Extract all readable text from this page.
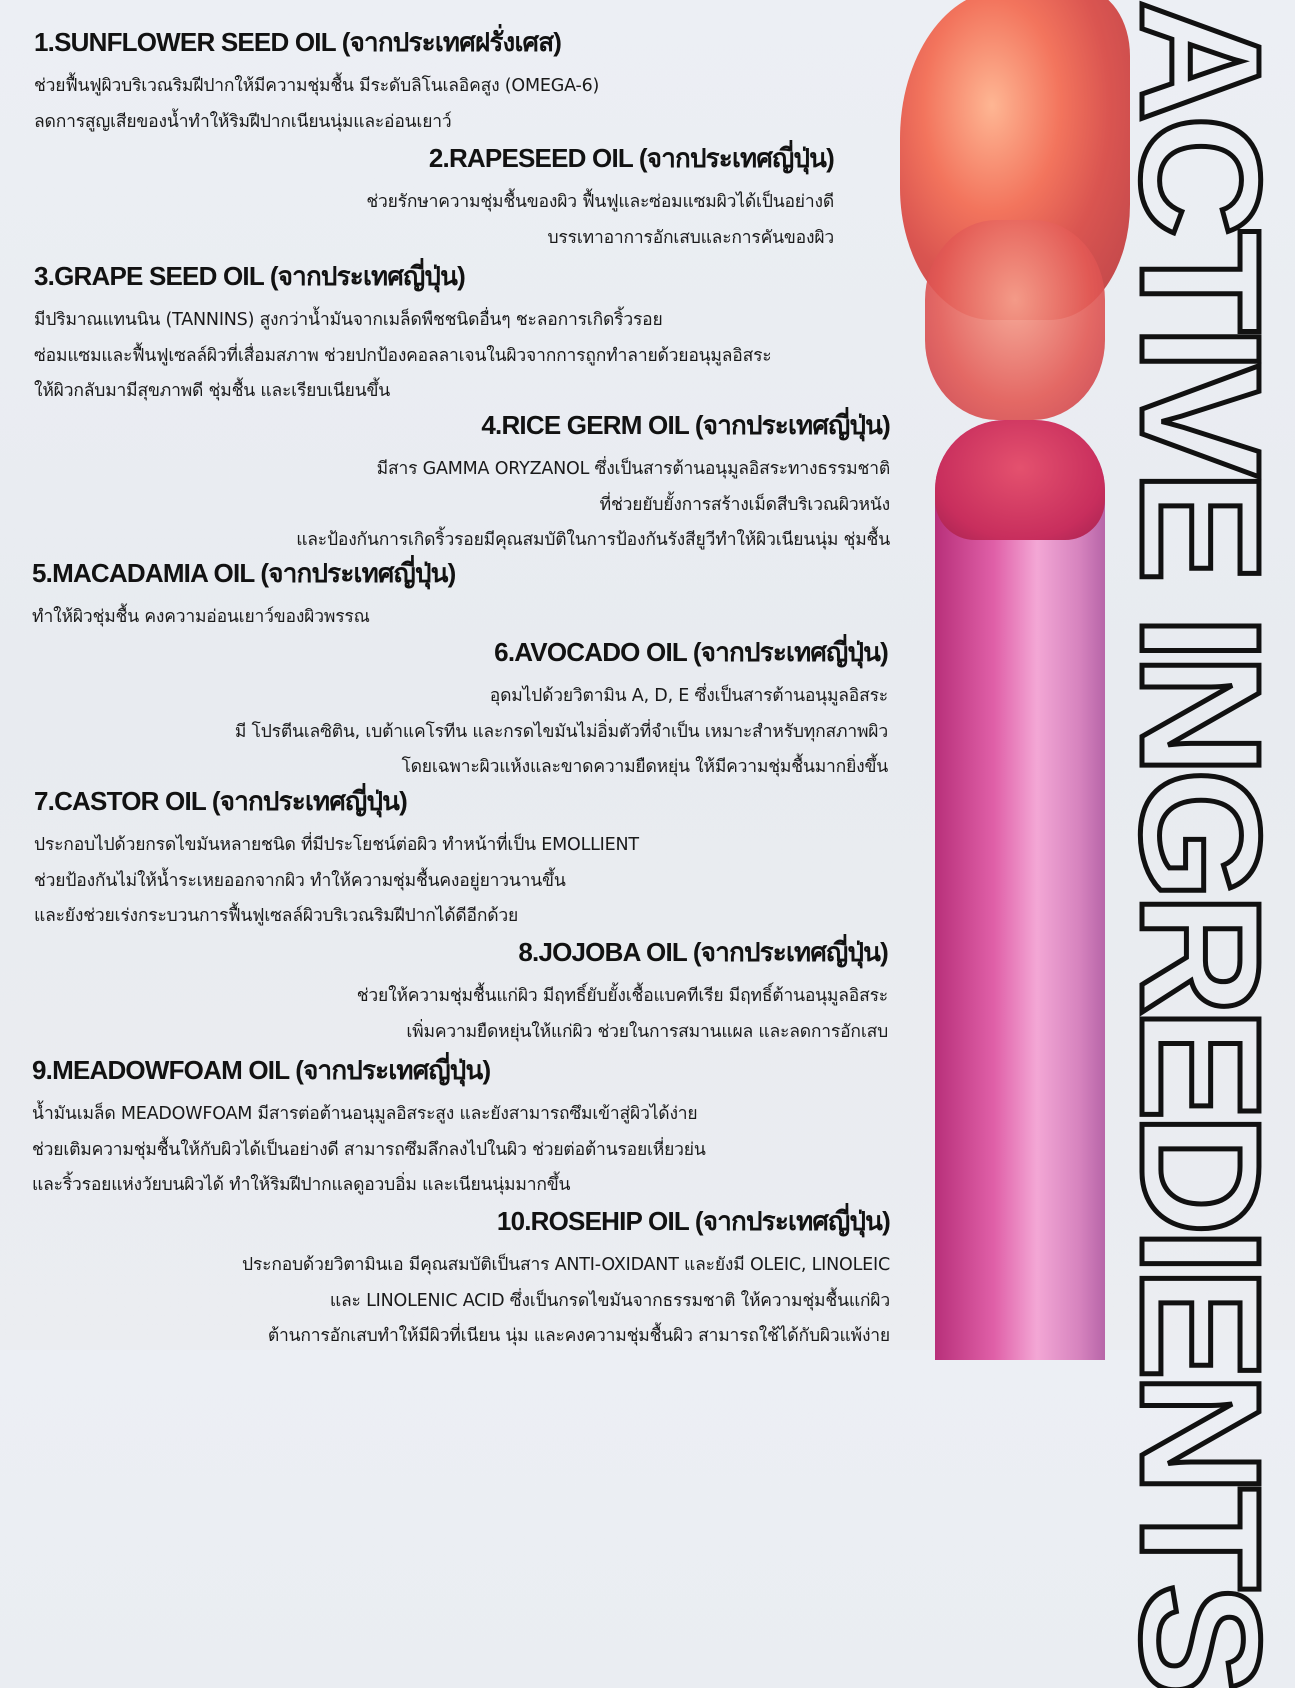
ACTIVE INGREDIENTS
1.SUNFLOWER SEED OIL (จากประเทศฝรั่งเศส)

ช่วยฟื้นฟูผิวบริเวณริมฝีปากให้มีความชุ่มชื้น มีระดับลิโนเลอิคสูง (OMEGA-6)

ลดการสูญเสียของน้ำทำให้ริมฝีปากเนียนนุ่มและอ่อนเยาว์

2.RAPESEED OIL (จากประเทศญี่ปุ่น)

ช่วยรักษาความชุ่มชื้นของผิว ฟื้นฟูและซ่อมแซมผิวได้เป็นอย่างดี

บรรเทาอาการอักเสบและการคันของผิว

3.GRAPE SEED OIL (จากประเทศญี่ปุ่น)

มีปริมาณแทนนิน (TANNINS) สูงกว่าน้ำมันจากเมล็ดพืชชนิดอื่นๆ ชะลอการเกิดริ้วรอย

ซ่อมแซมและฟื้นฟูเซลล์ผิวที่เสื่อมสภาพ ช่วยปกป้องคอลลาเจนในผิวจากการถูกทำลายด้วยอนุมูลอิสระ

ให้ผิวกลับมามีสุขภาพดี ชุ่มชื้น และเรียบเนียนขึ้น

4.RICE GERM OIL (จากประเทศญี่ปุ่น)

มีสาร GAMMA ORYZANOL ซึ่งเป็นสารต้านอนุมูลอิสระทางธรรมชาติ

ที่ช่วยยับยั้งการสร้างเม็ดสีบริเวณผิวหนัง

และป้องกันการเกิดริ้วรอยมีคุณสมบัติในการป้องกันรังสียูวีทำให้ผิวเนียนนุ่ม ชุ่มชื้น

5.MACADAMIA OIL (จากประเทศญี่ปุ่น)

ทำให้ผิวชุ่มชื้น คงความอ่อนเยาว์ของผิวพรรณ

6.AVOCADO OIL (จากประเทศญี่ปุ่น)

อุดมไปด้วยวิตามิน A, D, E ซึ่งเป็นสารต้านอนุมูลอิสระ

มี โปรตีนเลซิติน, เบต้าแคโรทีน และกรดไขมันไม่อิ่มตัวที่จำเป็น เหมาะสำหรับทุกสภาพผิว

โดยเฉพาะผิวแห้งและขาดความยืดหยุ่น ให้มีความชุ่มชื้นมากยิ่งขึ้น

7.CASTOR OIL (จากประเทศญี่ปุ่น)

ประกอบไปด้วยกรดไขมันหลายชนิด ที่มีประโยชน์ต่อผิว ทำหน้าที่เป็น EMOLLIENT

ช่วยป้องกันไม่ให้น้ำระเหยออกจากผิว ทำให้ความชุ่มชื้นคงอยู่ยาวนานขึ้น

และยังช่วยเร่งกระบวนการฟื้นฟูเซลล์ผิวบริเวณริมฝีปากได้ดีอีกด้วย

8.JOJOBA OIL (จากประเทศญี่ปุ่น)

ช่วยให้ความชุ่มชื้นแก่ผิว มีฤทธิ์ยับยั้งเชื้อแบคทีเรีย มีฤทธิ์ต้านอนุมูลอิสระ

เพิ่มความยืดหยุ่นให้แก่ผิว ช่วยในการสมานแผล และลดการอักเสบ

9.MEADOWFOAM OIL (จากประเทศญี่ปุ่น)

น้ำมันเมล็ด MEADOWFOAM มีสารต่อต้านอนุมูลอิสระสูง และยังสามารถซึมเข้าสู่ผิวได้ง่าย

ช่วยเติมความชุ่มชื้นให้กับผิวได้เป็นอย่างดี สามารถซึมลึกลงไปในผิว ช่วยต่อต้านรอยเหี่ยวย่น

และริ้วรอยแห่งวัยบนผิวได้ ทำให้ริมฝีปากแลดูอวบอิ่ม และเนียนนุ่มมากขึ้น

10.ROSEHIP OIL (จากประเทศญี่ปุ่น)

ประกอบด้วยวิตามินเอ มีคุณสมบัติเป็นสาร ANTI-OXIDANT และยังมี OLEIC, LINOLEIC

และ LINOLENIC ACID ซึ่งเป็นกรดไขมันจากธรรมชาติ ให้ความชุ่มชื้นแก่ผิว

ต้านการอักเสบทำให้มีผิวที่เนียน นุ่ม และคงความชุ่มชื้นผิว สามารถใช้ได้กับผิวแพ้ง่าย
